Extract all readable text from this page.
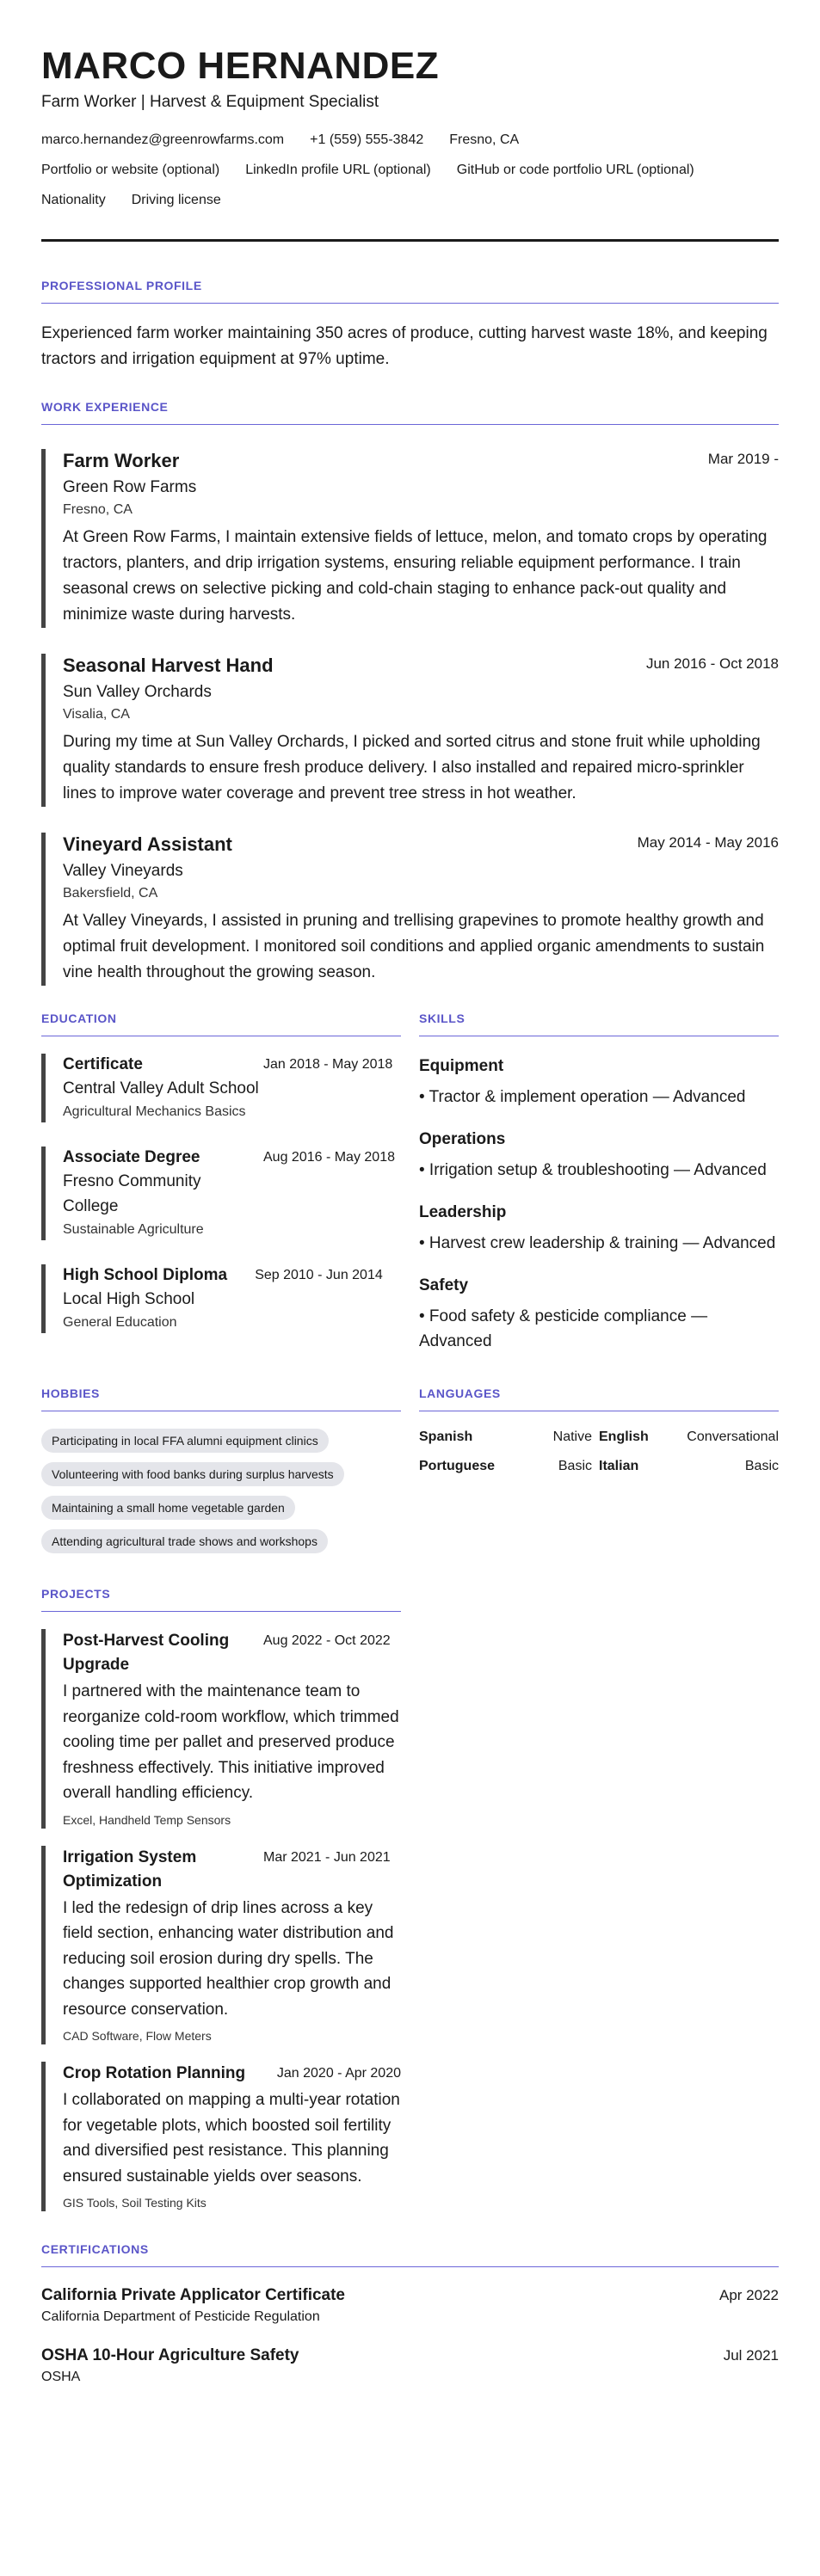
MARCO HERNANDEZ
Farm Worker | Harvest & Equipment Specialist
marco.hernandez@greenrowfarms.com +1 (559) 555-3842 Fresno, CA
Portfolio or website (optional) LinkedIn profile URL (optional) GitHub or code portfolio URL (optional)
Nationality Driving license
PROFESSIONAL PROFILE
Experienced farm worker maintaining 350 acres of produce, cutting harvest waste 18%, and keeping tractors and irrigation equipment at 97% uptime.
WORK EXPERIENCE
Farm Worker	Mar 2019 -
Green Row Farms
Fresno, CA
At Green Row Farms, I maintain extensive fields of lettuce, melon, and tomato crops by operating tractors, planters, and drip irrigation systems, ensuring reliable equipment performance. I train seasonal crews on selective picking and cold-chain staging to enhance pack-out quality and minimize waste during harvests.
Seasonal Harvest Hand	Jun 2016 - Oct 2018
Sun Valley Orchards
Visalia, CA
During my time at Sun Valley Orchards, I picked and sorted citrus and stone fruit while upholding quality standards to ensure fresh produce delivery. I also installed and repaired micro-sprinkler lines to improve water coverage and prevent tree stress in hot weather.
Vineyard Assistant	May 2014 - May 2016
Valley Vineyards
Bakersfield, CA
At Valley Vineyards, I assisted in pruning and trellising grapevines to promote healthy growth and optimal fruit development. I monitored soil conditions and applied organic amendments to sustain vine health throughout the growing season.
EDUCATION
Certificate
Central Valley Adult School
Agricultural Mechanics Basics
Jan 2018 - May 2018
Associate Degree
Fresno Community College
Sustainable Agriculture
Aug 2016 - May 2018
High School Diploma
Local High School
General Education
Sep 2010 - Jun 2014
SKILLS
Equipment
• Tractor & implement operation — Advanced
Operations
• Irrigation setup & troubleshooting — Advanced
Leadership
• Harvest crew leadership & training — Advanced
Safety
• Food safety & pesticide compliance — Advanced
HOBBIES
Participating in local FFA alumni equipment clinics
Volunteering with food banks during surplus harvests
Maintaining a small home vegetable garden
Attending agricultural trade shows and workshops
LANGUAGES
Spanish	Native English	Conversational
Portuguese	Basic Italian	Basic
PROJECTS
Post-Harvest Cooling Upgrade
Aug 2022 - Oct 2022
I partnered with the maintenance team to reorganize cold-room workflow, which trimmed cooling time per pallet and preserved produce freshness effectively. This initiative improved overall handling efficiency.
Excel, Handheld Temp Sensors
Irrigation System Optimization
Mar 2021 - Jun 2021
I led the redesign of drip lines across a key field section, enhancing water distribution and reducing soil erosion during dry spells. The changes supported healthier crop growth and resource conservation.
CAD Software, Flow Meters
Crop Rotation Planning	Jan 2020 - Apr 2020
I collaborated on mapping a multi-year rotation for vegetable plots, which boosted soil fertility and diversified pest resistance. This planning ensured sustainable yields over seasons.
GIS Tools, Soil Testing Kits
CERTIFICATIONS
California Private Applicator Certificate
California Department of Pesticide Regulation
Apr 2022
OSHA 10-Hour Agriculture Safety
OSHA
Jul 2021
